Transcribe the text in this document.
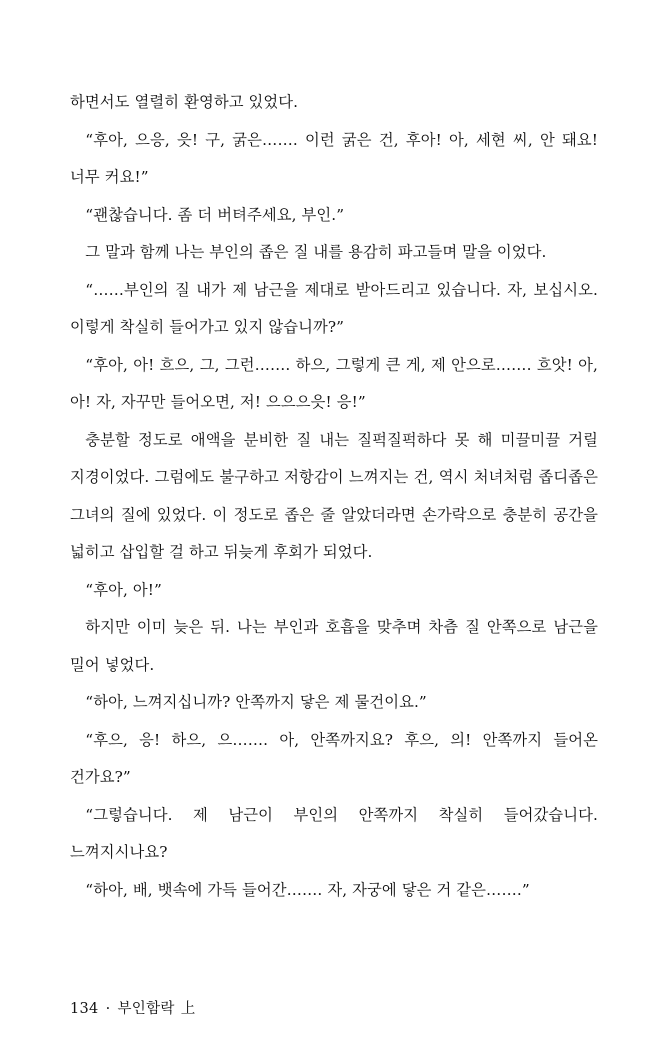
하면서도 열렬히 환영하고 있었다.

“후아, 으응, 읏! 구, 굵은……. 이런 굵은 건, 후아! 아, 세현 씨, 안 돼요! 너무 커요!”

“괜찮습니다. 좀 더 버텨주세요, 부인.”

그 말과 함께 나는 부인의 좁은 질 내를 용감히 파고들며 말을 이었다.

“……부인의 질 내가 제 남근을 제대로 받아드리고 있습니다. 자, 보십시오. 이렇게 착실히 들어가고 있지 않습니까?”

“후아, 아! 흐으, 그, 그런……. 하으, 그렇게 큰 게, 제 안으로……. 흐앗! 아, 아! 자, 자꾸만 들어오면, 저! 으으으읏! 응!”

충분할 정도로 애액을 분비한 질 내는 질퍽질퍽하다 못 해 미끌미끌 거릴 지경이었다. 그럼에도 불구하고 저항감이 느껴지는 건, 역시 처녀처럼 좁디좁은 그녀의 질에 있었다. 이 정도로 좁은 줄 알았더라면 손가락으로 충분히 공간을 넓히고 삽입할 걸 하고 뒤늦게 후회가 되었다.

“후아, 아!”

하지만 이미 늦은 뒤. 나는 부인과 호흡을 맞추며 차츰 질 안쪽으로 남근을 밀어 넣었다.

“하아, 느껴지십니까? 안쪽까지 닿은 제 물건이요.”

“후으, 응! 하으, 으……. 아, 안쪽까지요? 후으, 의! 안쪽까지 들어온 건가요?”

“그렇습니다. 제 남근이 부인의 안쪽까지 착실히 들어갔습니다. 느껴지시나요?

“하아, 배, 뱃속에 가득 들어간……. 자, 자궁에 닿은 거 같은…….”

134 · 부인함락 上
